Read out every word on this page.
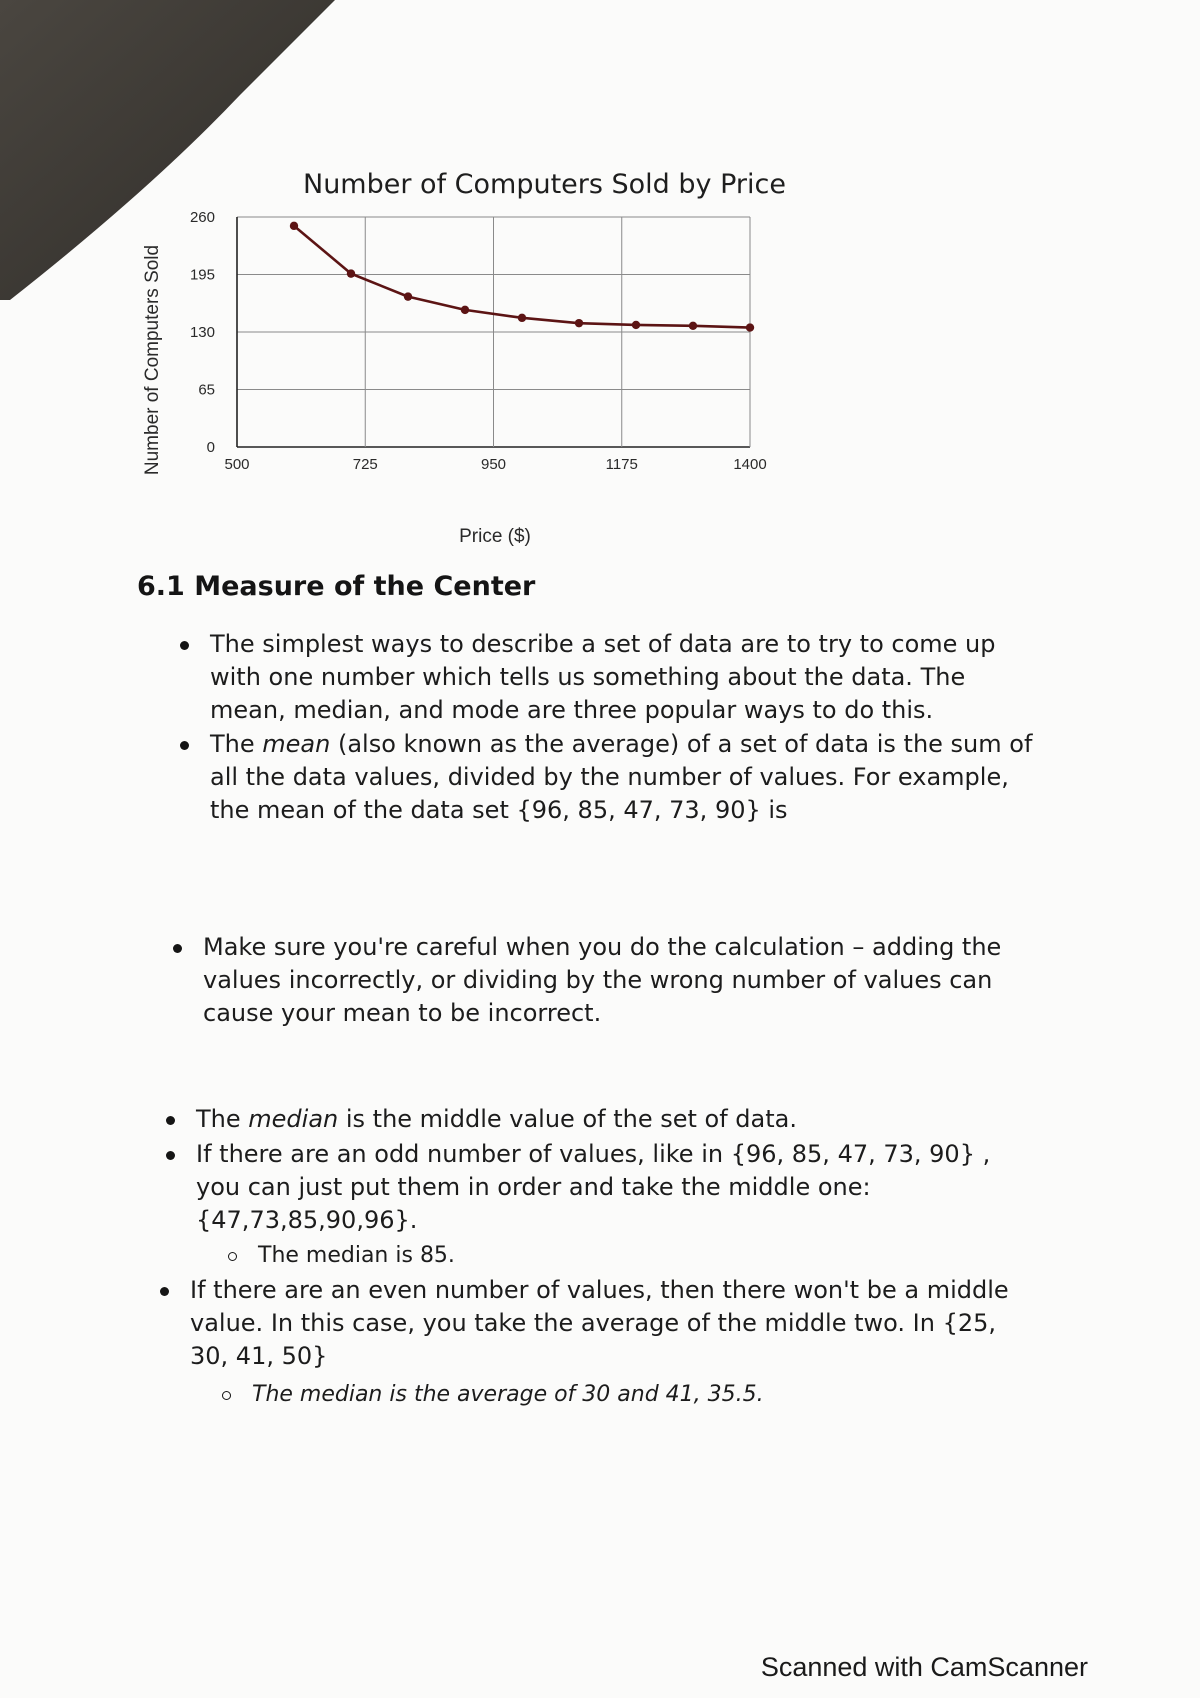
Number of Computers Sold by Price
0
65
130
195
260
500	725	950	1175	1400
Number of Computers Sold
Price ($)
6.1 Measure of the Center
The simplest ways to describe a set of data are to try to come up with one number which tells us something about the data. The mean, median, and mode are three popular ways to do this.
The mean (also known as the average) of a set of data is the sum of all the data values, divided by the number of values. For example, the mean of the data set {96, 85, 47, 73, 90} is
Make sure you're careful when you do the calculation – adding the values incorrectly, or dividing by the wrong number of values can cause your mean to be incorrect.
The median is the middle value of the set of data.
If there are an odd number of values, like in {96, 85, 47, 73, 90} , you can just put them in order and take the middle one: {47,73,85,90,96}.
The median is 85.
If there are an even number of values, then there won't be a middle value. In this case, you take the average of the middle two. In {25, 30, 41, 50}
The median is the average of 30 and 41, 35.5.
Scanned with CamScanner
